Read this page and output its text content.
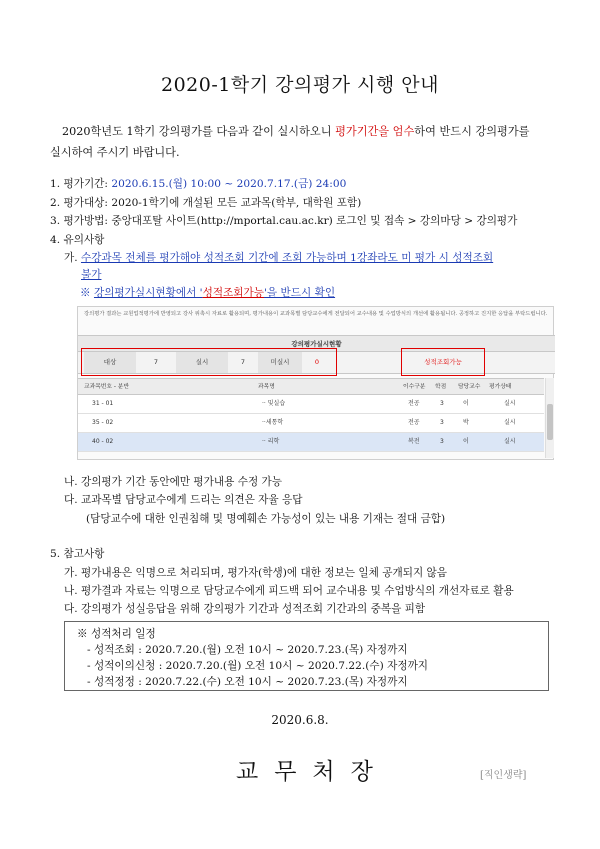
2020-1학기 강의평가 시행 안내
2020학년도 1학기 강의평가를 다음과 같이 실시하오니 평가기간을 엄수하여 반드시 강의평가를
실시하여 주시기 바랍니다.
1. 평가기간: 2020.6.15.(월) 10:00 ~ 2020.7.17.(금) 24:00
2. 평가대상: 2020-1학기에 개설된 모든 교과목(학부, 대학원 포함)
3. 평가방법: 중앙대포탈 사이트(http://mportal.cau.ac.kr) 로그인 및 접속 > 강의마당 > 강의평가
4. 유의사항
가. 수강과목 전체를 평가해야 성적조회 기간에 조회 가능하며 1강좌라도 미 평가 시 성적조회
불가
※ 강의평가실시현황에서 '성적조회가능'을 반드시 확인
강의평가 결과는 교원업적평가에 반영되고 강사 위촉시 자료로 활용되며, 평가내용이 교과목별 담당교수에게 전달되어 교수내용 및 수업방식의 개선에 활용됩니다. 공정하고 진지한 응답을 부탁드립니다.
강의평가실시현황
대상	7	실시	7	미실시	0	성적조회가능
교과목번호 - 분반	과목명	이수구분 학점 담당교수 평가상태
31 - 01	·· 및실습	전공	3	이	실시
35 - 02	··세통학	전공	3	박	실시
40 - 02	·· 리학	복전	3	이	실시
나. 강의평가 기간 동안에만 평가내용 수정 가능
다. 교과목별 담당교수에게 드리는 의견은 자율 응답
(담당교수에 대한 인권침해 및 명예훼손 가능성이 있는 내용 기재는 절대 금합)
5. 참고사항
가. 평가내용은 익명으로 처리되며, 평가자(학생)에 대한 정보는 일체 공개되지 않음
나. 평가결과 자료는 익명으로 담당교수에게 피드백 되어 교수내용 및 수업방식의 개선자료로 활용
다. 강의평가 성실응답을 위해 강의평가 기간과 성적조회 기간과의 중복을 피함
※ 성적처리 일정
- 성적조회 : 2020.7.20.(월) 오전 10시 ~ 2020.7.23.(목) 자정까지
- 성적이의신청 : 2020.7.20.(월) 오전 10시 ~ 2020.7.22.(수) 자정까지
- 성적정정 : 2020.7.22.(수) 오전 10시 ~ 2020.7.23.(목) 자정까지
2020.6.8.
교무처장	[직인생략]
